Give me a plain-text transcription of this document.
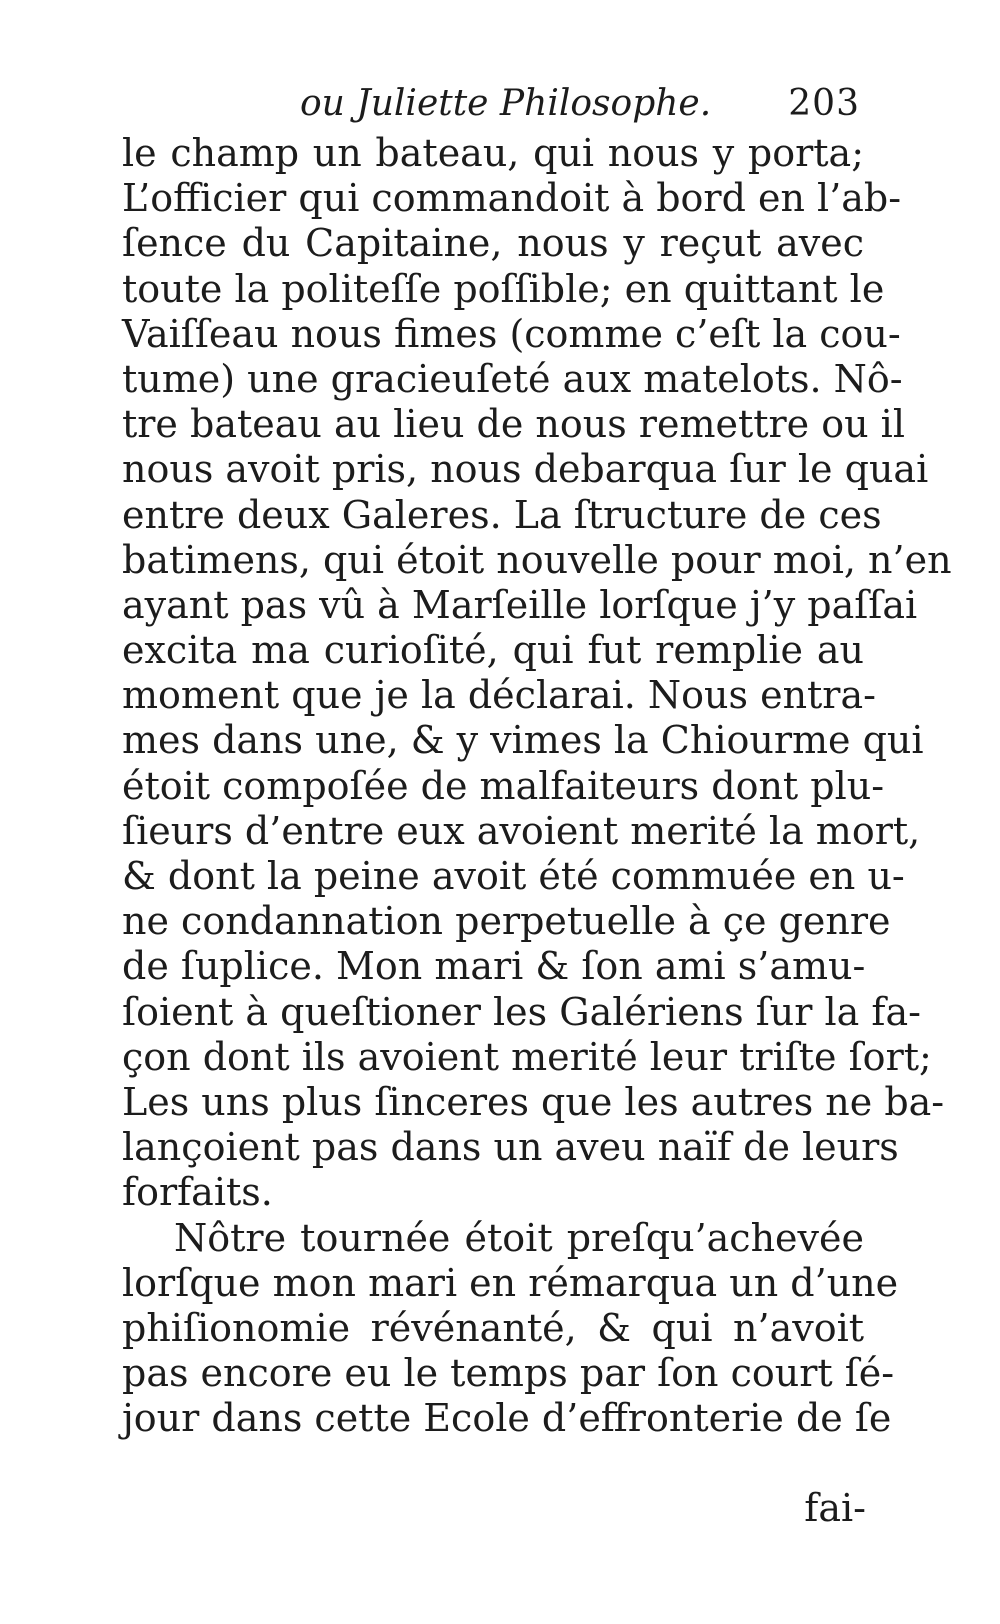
ou Juliette Philosophe. 203
le champ un bateau, qui nous y porta;
L’officier qui commandoit à bord en l’ab-
ſence du Capitaine, nous y reçut avec
toute la politeſſe poſſible; en quittant le
Vaiſſeau nous fimes (comme c’eſt la cou-
tume) une gracieuſeté aux matelots. Nô-
tre bateau au lieu de nous remettre ou il
nous avoit pris, nous debarqua ſur le quai
entre deux Galeres. La ſtructure de ces
batimens, qui étoit nouvelle pour moi, n’en
ayant pas vû à Marſeille lorſque j’y paſſai
excita ma curioſité, qui fut remplie au
moment que je la déclarai. Nous entra-
mes dans une, & y vimes la Chiourme qui
étoit compoſée de malfaiteurs dont plu-
ſieurs d’entre eux avoient merité la mort,
& dont la peine avoit été commuée en u-
ne condannation perpetuelle à çe genre
de ſuplice. Mon mari & ſon ami s’amu-
ſoient à queſtioner les Galériens ſur la fa-
çon dont ils avoient merité leur triſte ſort;
Les uns plus ſinceres que les autres ne ba-
lançoient pas dans un aveu naïf de leurs
forfaits.
Nôtre tournée étoit preſqu’achevée
lorſque mon mari en rémarqua un d’une
phiſionomie révénanté, & qui n’avoit
pas encore eu le temps par ſon court ſé-
jour dans cette Ecole d’effronterie de ſe
fai-
